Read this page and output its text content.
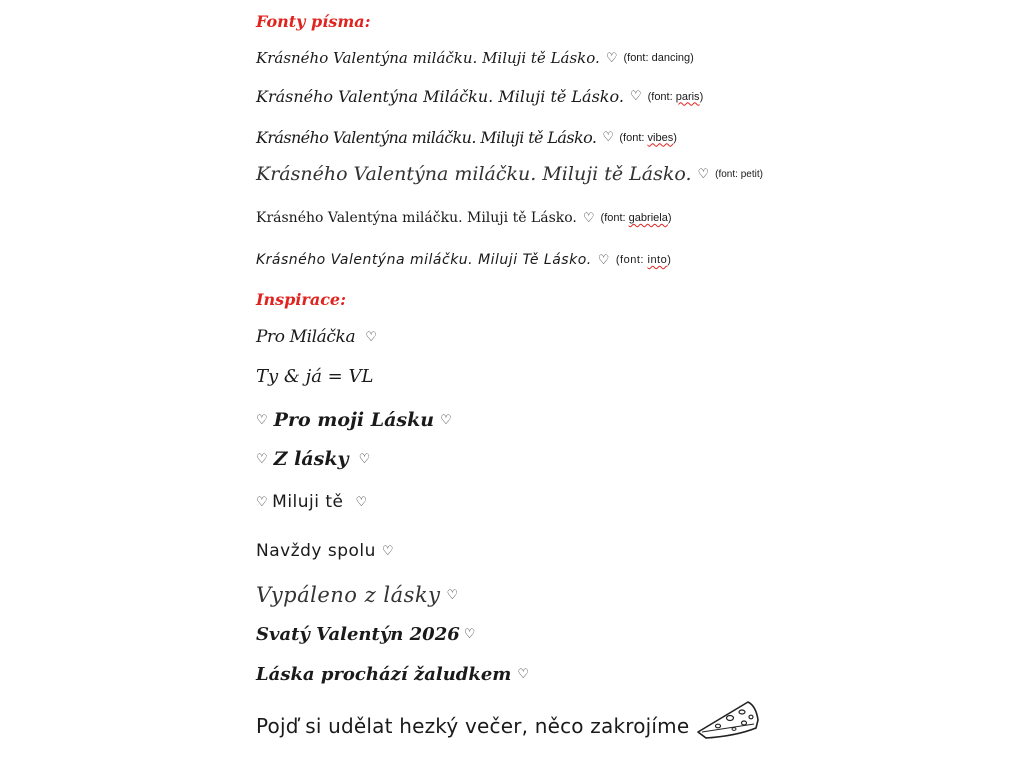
Fonty písma:
Krásného Valentýna miláčku. Miluji tě Lásko. ♡ (font: dancing)
Krásného Valentýna Miláčku. Miluji tě Lásko. ♡ (font: paris)
Krásného Valentýna miláčku. Miluji tě Lásko. ♡ (font: vibes)
Krásného Valentýna miláčku. Miluji tě Lásko. ♡ (font: petit)
Krásného Valentýna miláčku. Miluji tě Lásko. ♡ (font: gabriela)
Krásného Valentýna miláčku. Miluji Tě Lásko. ♡ (font: into)
Inspirace:
Pro Miláčka ♡
Ty & já = VL
♡ Pro moji Lásku ♡
♡ Z lásky ♡
♡ Miluji tě ♡
Navždy spolu ♡
Vypáleno z lásky ♡
Svatý Valentýn 2026 ♡
Láska prochází žaludkem ♡
Pojď si udělat hezký večer, něco zakrojíme
